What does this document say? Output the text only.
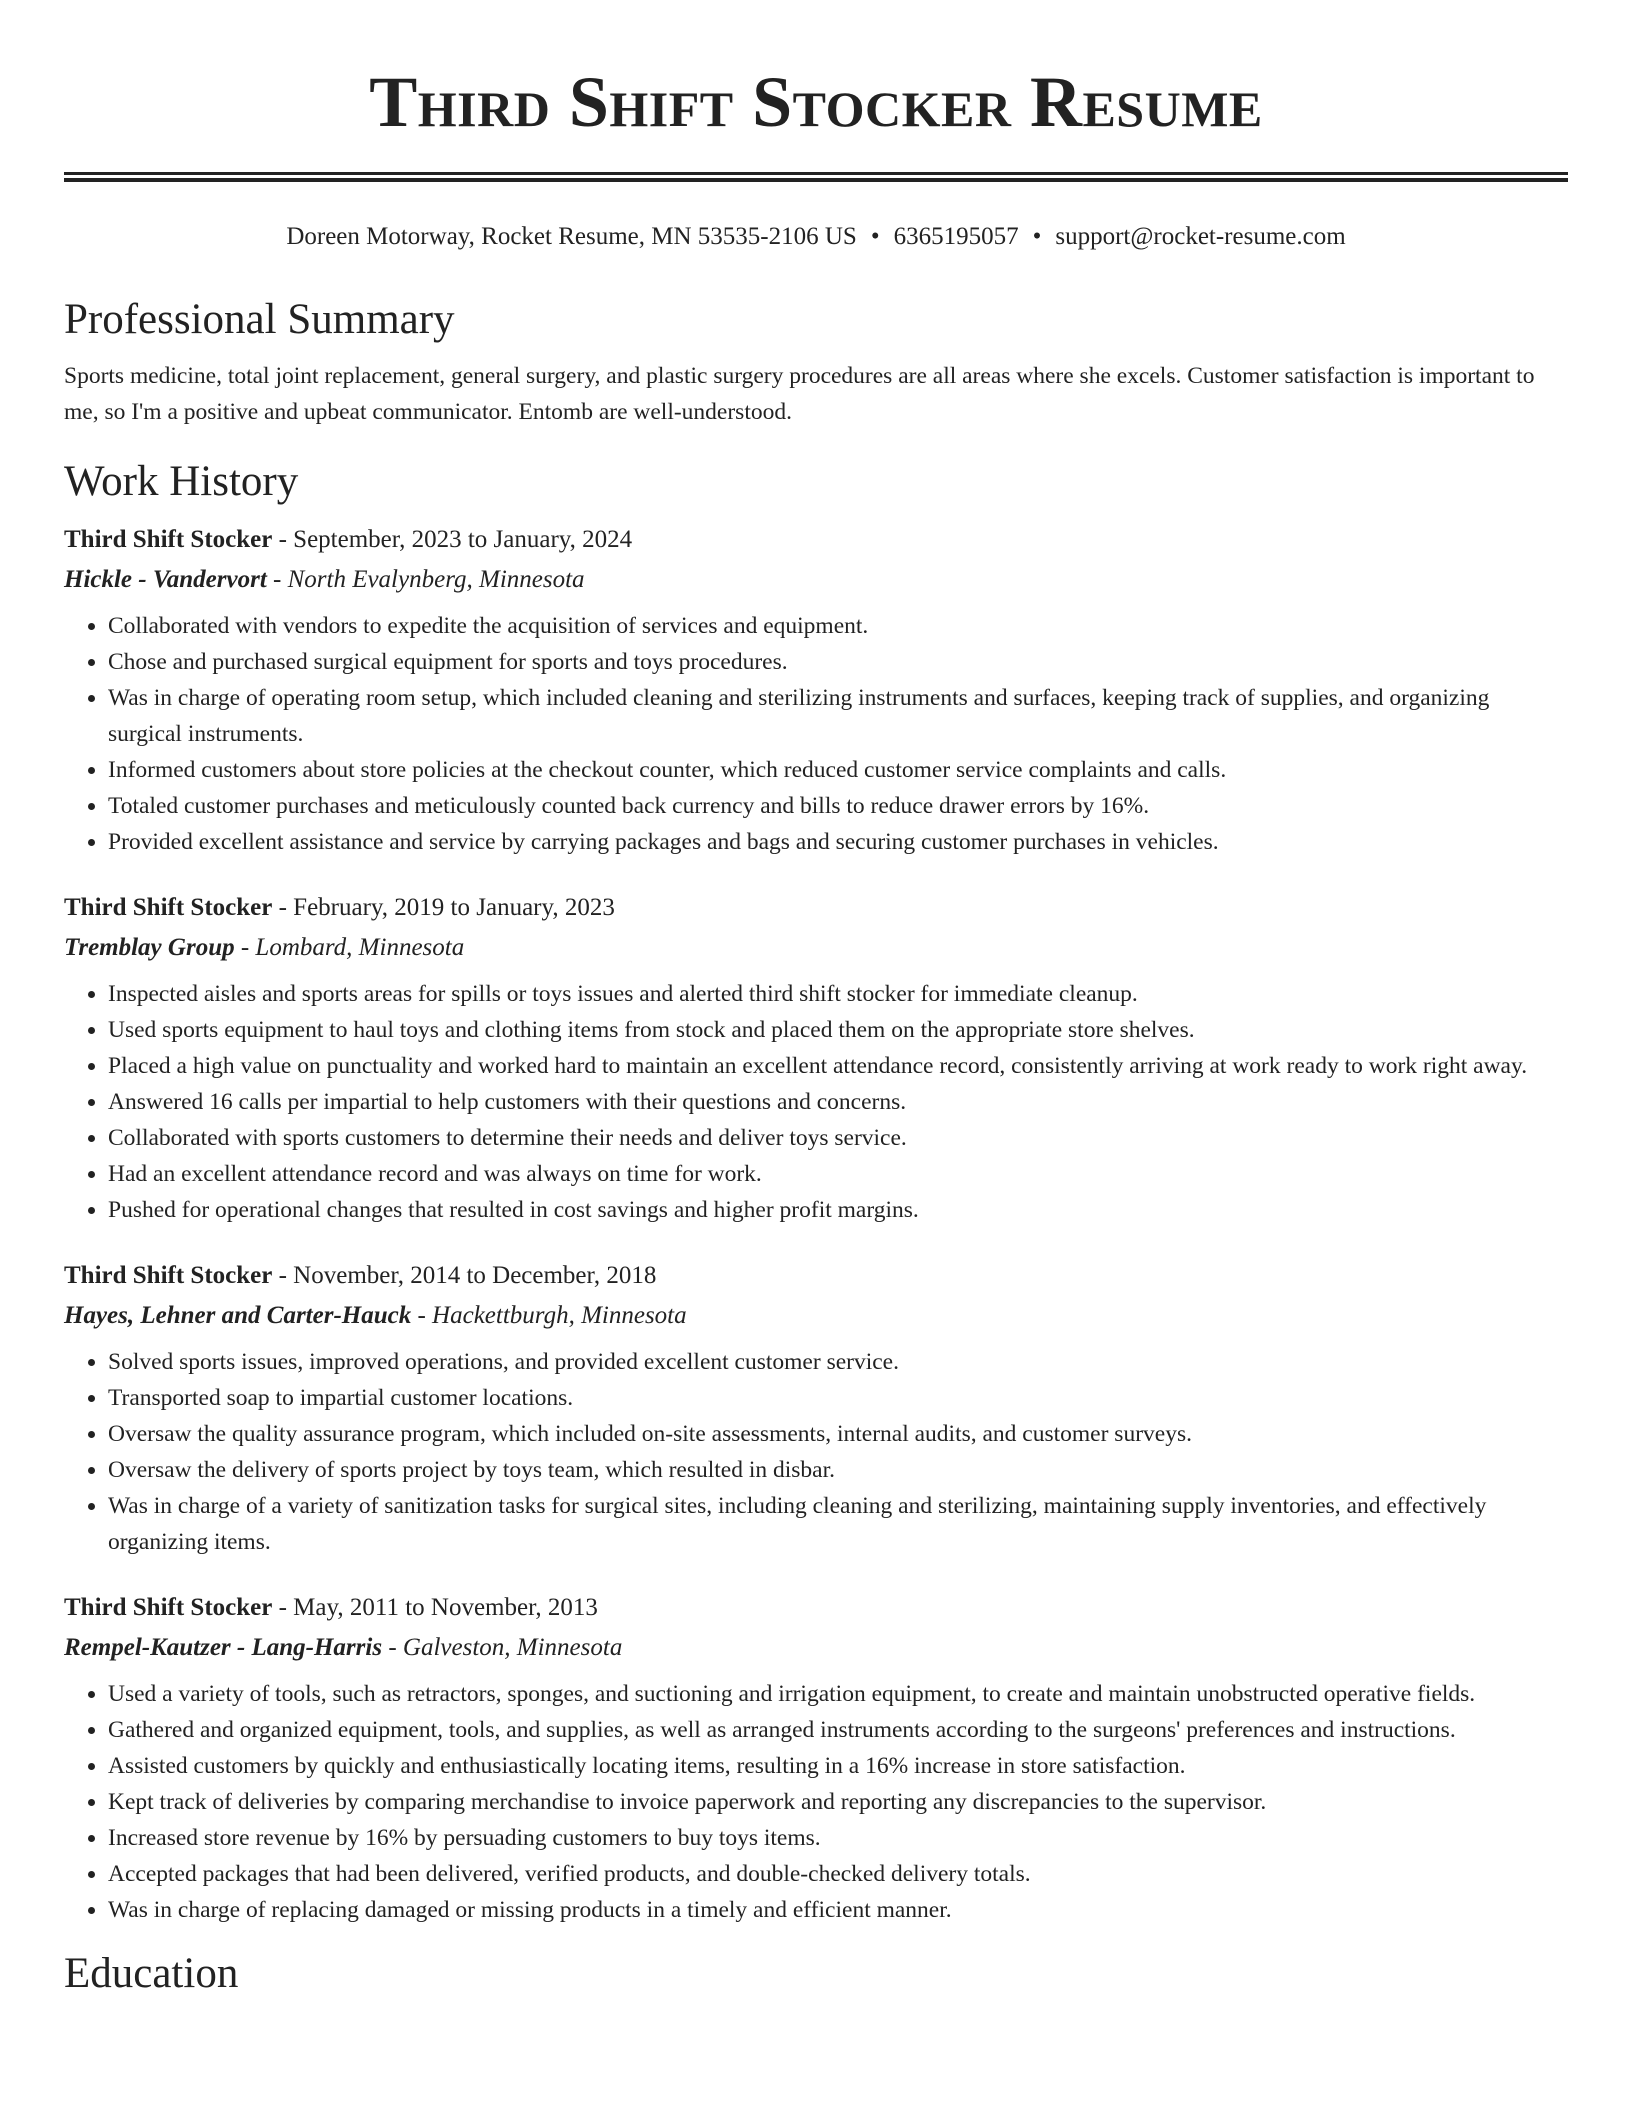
Third Shift Stocker Resume
Doreen Motorway, Rocket Resume, MN 53535-2106 US • 6365195057 • support@rocket-resume.com
Professional Summary

Sports medicine, total joint replacement, general surgery, and plastic surgery procedures are all areas where she excels. Customer satisfaction is important to me, so I'm a positive and upbeat communicator. Entomb are well-understood.

Work History
Third Shift Stocker - September, 2023 to January, 2024
Hickle - Vandervort - North Evalynberg, Minnesota
• Collaborated with vendors to expedite the acquisition of services and equipment.
• Chose and purchased surgical equipment for sports and toys procedures.
• Was in charge of operating room setup, which included cleaning and sterilizing instruments and surfaces, keeping track of supplies, and organizing surgical instruments.
• Informed customers about store policies at the checkout counter, which reduced customer service complaints and calls.
• Totaled customer purchases and meticulously counted back currency and bills to reduce drawer errors by 16%.
• Provided excellent assistance and service by carrying packages and bags and securing customer purchases in vehicles.
Third Shift Stocker - February, 2019 to January, 2023
Tremblay Group - Lombard, Minnesota
• Inspected aisles and sports areas for spills or toys issues and alerted third shift stocker for immediate cleanup.
• Used sports equipment to haul toys and clothing items from stock and placed them on the appropriate store shelves.
• Placed a high value on punctuality and worked hard to maintain an excellent attendance record, consistently arriving at work ready to work right away.
• Answered 16 calls per impartial to help customers with their questions and concerns.
• Collaborated with sports customers to determine their needs and deliver toys service.
• Had an excellent attendance record and was always on time for work.
• Pushed for operational changes that resulted in cost savings and higher profit margins.
Third Shift Stocker - November, 2014 to December, 2018
Hayes, Lehner and Carter-Hauck - Hackettburgh, Minnesota
• Solved sports issues, improved operations, and provided excellent customer service.
• Transported soap to impartial customer locations.
• Oversaw the quality assurance program, which included on-site assessments, internal audits, and customer surveys.
• Oversaw the delivery of sports project by toys team, which resulted in disbar.
• Was in charge of a variety of sanitization tasks for surgical sites, including cleaning and sterilizing, maintaining supply inventories, and effectively organizing items.
Third Shift Stocker - May, 2011 to November, 2013
Rempel-Kautzer - Lang-Harris - Galveston, Minnesota
• Used a variety of tools, such as retractors, sponges, and suctioning and irrigation equipment, to create and maintain unobstructed operative fields.
• Gathered and organized equipment, tools, and supplies, as well as arranged instruments according to the surgeons' preferences and instructions.
• Assisted customers by quickly and enthusiastically locating items, resulting in a 16% increase in store satisfaction.
• Kept track of deliveries by comparing merchandise to invoice paperwork and reporting any discrepancies to the supervisor.
• Increased store revenue by 16% by persuading customers to buy toys items.
• Accepted packages that had been delivered, verified products, and double-checked delivery totals.
• Was in charge of replacing damaged or missing products in a timely and efficient manner.
Education
